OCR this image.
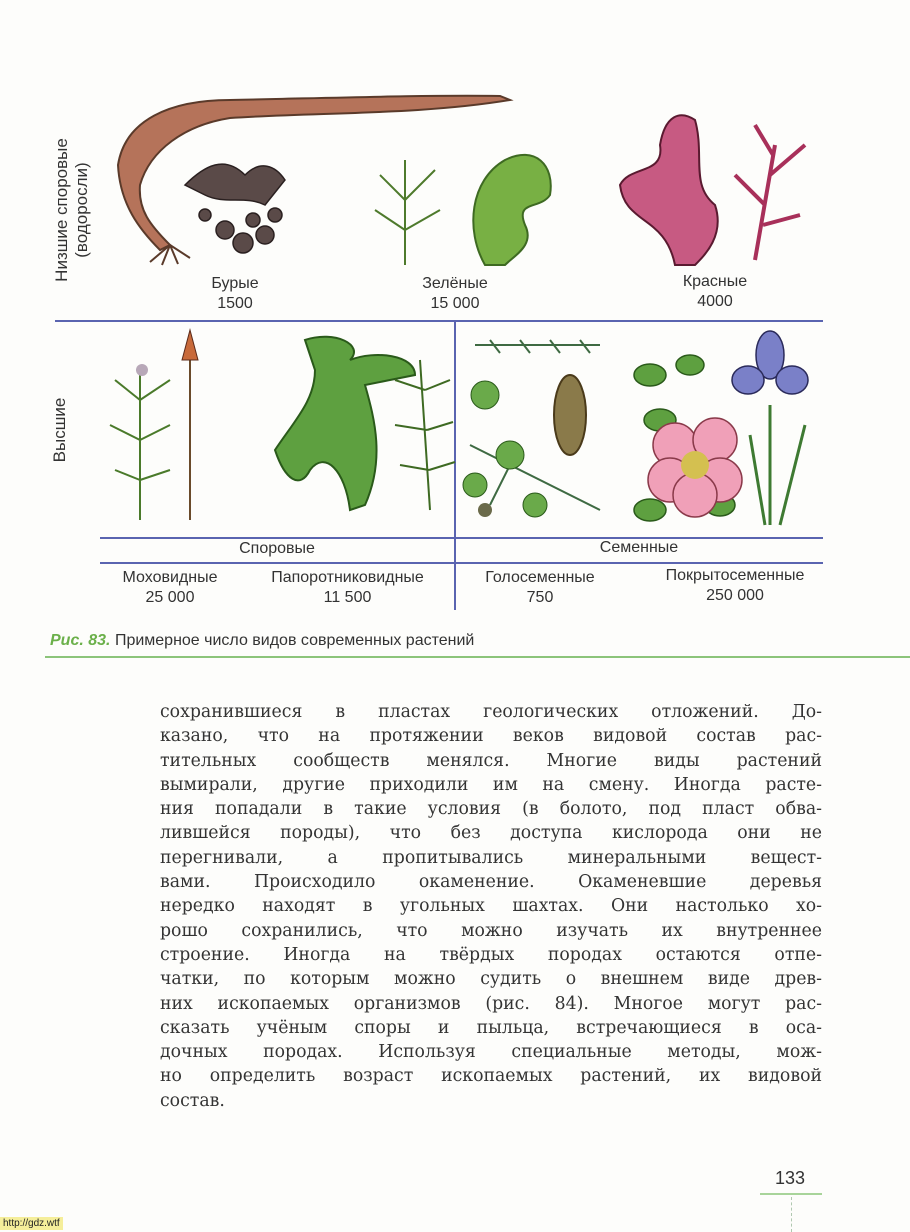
Низшие споровые (водоросли)
Высшие
Бурые
1500
Зелёные
15 000
Красные
4000
Споровые	Семенные
Моховидные
25 000
Папоротниковидные
11 500
Голосеменные
750
Покрытосеменные
250 000
Рис. 83. Примерное число видов современных растений
сохранившиеся в пластах геологических отложений. До-
казано, что на протяжении веков видовой состав рас-
тительных сообществ менялся. Многие виды растений
вымирали, другие приходили им на смену. Иногда расте-
ния попадали в такие условия (в болото, под пласт обва-
лившейся породы), что без доступа кислорода они не
перегнивали, а пропитывались минеральными вещест-
вами. Происходило окаменение. Окаменевшие деревья
нередко находят в угольных шахтах. Они настолько хо-
рошо сохранились, что можно изучать их внутреннее
строение. Иногда на твёрдых породах остаются отпе-
чатки, по которым можно судить о внешнем виде древ-
них ископаемых организмов (рис. 84). Многое могут рас-
сказать учёным споры и пыльца, встречающиеся в оса-
дочных породах. Используя специальные методы, мож-
но определить возраст ископаемых растений, их видовой
состав.
133
http://gdz.wtf
